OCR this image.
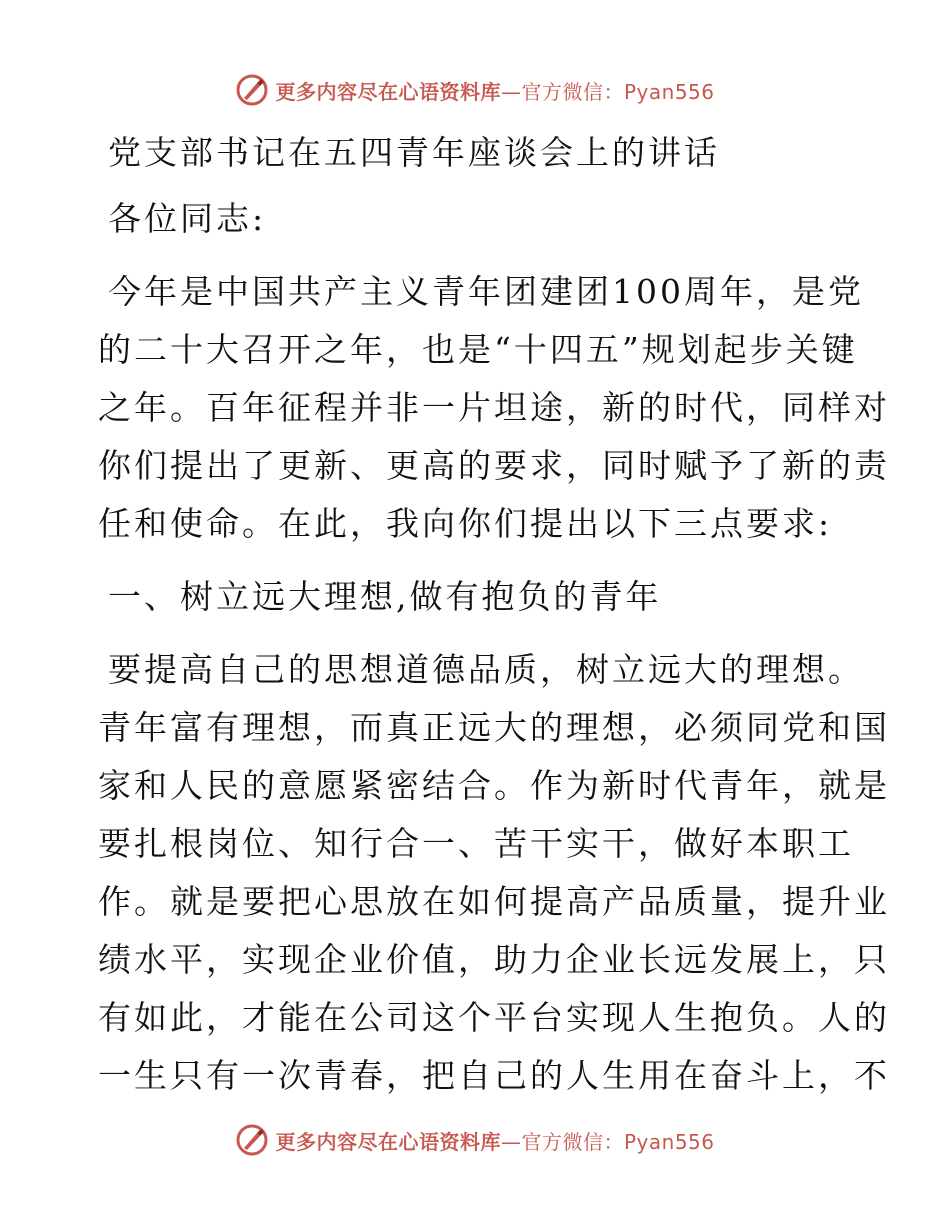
更多内容尽在心语资料库—官方微信：Pyan556
党支部书记在五四青年座谈会上的讲话
各位同志:
今年是中国共产主义青年团建团100周年，是党
的二十大召开之年，也是“十四五”规划起步关键
之年。百年征程并非一片坦途，新的时代，同样对
你们提出了更新、更高的要求，同时赋予了新的责
任和使命。在此，我向你们提出以下三点要求:
一、树立远大理想,做有抱负的青年
要提高自己的思想道德品质，树立远大的理想。
青年富有理想，而真正远大的理想，必须同党和国
家和人民的意愿紧密结合。作为新时代青年，就是
要扎根岗位、知行合一、苦干实干，做好本职工
作。就是要把心思放在如何提高产品质量，提升业
绩水平，实现企业价值，助力企业长远发展上，只
有如此，才能在公司这个平台实现人生抱负。人的
一生只有一次青春，把自己的人生用在奋斗上，不
更多内容尽在心语资料库—官方微信：Pyan556
